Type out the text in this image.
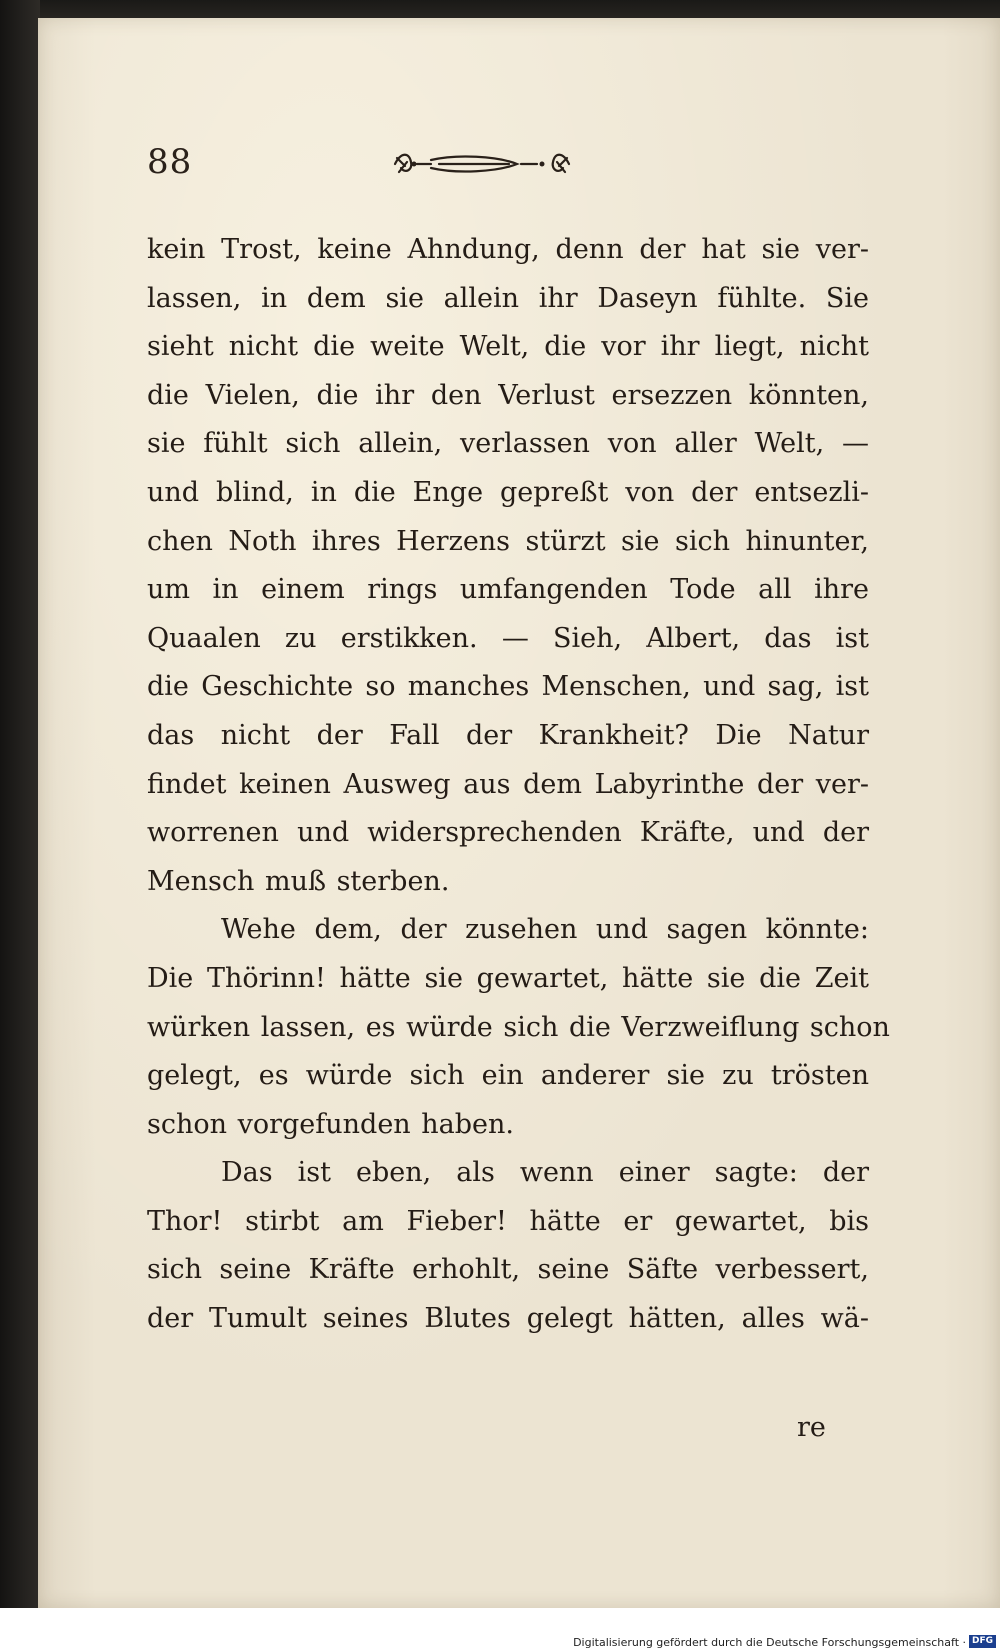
88
kein Trost, keine Ahndung, denn der hat sie ver-
lassen, in dem sie allein ihr Daseyn fühlte. Sie
sieht nicht die weite Welt, die vor ihr liegt, nicht
die Vielen, die ihr den Verlust ersezzen könnten,
sie fühlt sich allein, verlassen von aller Welt, —
und blind, in die Enge gepreßt von der entsezli-
chen Noth ihres Herzens stürzt sie sich hinunter,
um in einem rings umfangenden Tode all ihre
Quaalen zu erstikken. — Sieh, Albert, das ist
die Geschichte so manches Menschen, und sag, ist
das nicht der Fall der Krankheit? Die Natur
findet keinen Ausweg aus dem Labyrinthe der ver-
worrenen und widersprechenden Kräfte, und der
Mensch muß sterben.
Wehe dem, der zusehen und sagen könnte:
Die Thörinn! hätte sie gewartet, hätte sie die Zeit
würken lassen, es würde sich die Verzweiflung schon
gelegt, es würde sich ein anderer sie zu trösten
schon vorgefunden haben.
Das ist eben, als wenn einer sagte: der
Thor! stirbt am Fieber! hätte er gewartet, bis
sich seine Kräfte erhohlt, seine Säfte verbessert,
der Tumult seines Blutes gelegt hätten, alles wä-
re
Digitalisierung gefördert durch die Deutsche Forschungsgemeinschaft · DFG
